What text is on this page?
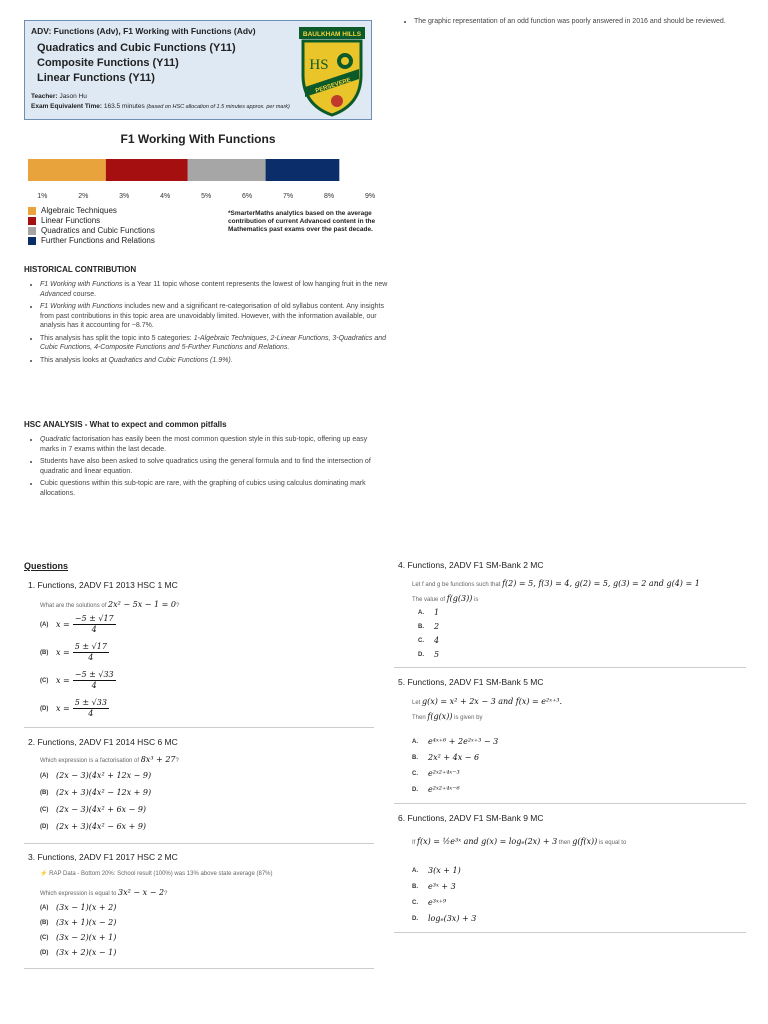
ADV: Functions (Adv), F1 Working with Functions (Adv)
Quadratics and Cubic Functions (Y11)
Composite Functions (Y11)
Linear Functions (Y11)
Teacher: Jason Hu
Exam Equivalent Time: 163.5 minutes (based on HSC allocation of 1.5 minutes approx. per mark)
BAULKHAM HILLS
HS
PERSEVERE
• The graphic representation of an odd function was poorly answered in 2016 and should be reviewed.
F1 Working With Functions
1%	2%	3%	4%	5%	6%	7%	8%	9%
Algebraic Techniques
Linear Functions
Quadratics and Cubic Functions
Further Functions and Relations
*SmarterMaths analytics based on the average contribution of current Advanced content in the Mathematics past exams over the past decade.
HISTORICAL CONTRIBUTION
• F1 Working with Functions is a Year 11 topic whose content represents the lowest of low hanging fruit in the new Advanced course.
• F1 Working with Functions includes new and a significant re-categorisation of old syllabus content. Any insights from past contributions in this topic area are unavoidably limited. However, with the information available, our analysis has it accounting for ~8.7%.
• This analysis has split the topic into 5 categories: 1-Algebraic Techniques, 2-Linear Functions, 3-Quadratics and Cubic Functions, 4-Composite Functions and 5-Further Functions and Relations.
• This analysis looks at Quadratics and Cubic Functions (1.9%).
HSC ANALYSIS - What to expect and common pitfalls
• Quadratic factorisation has easily been the most common question style in this sub-topic, offering up easy marks in 7 exams within the last decade.
• Students have also been asked to solve quadratics using the general formula and to find the intersection of quadratic and linear equation.
• Cubic questions within this sub-topic are rare, with the graphing of cubics using calculus dominating mark allocations.
Questions
1. Functions, 2ADV F1 2013 HSC 1 MC
What are the solutions of 2x² − 5x − 1 = 0?
(A) $x = \frac{-5 \pm √17}{4}$
(B) $x = \frac{5 \pm √17}{4}$
(C) $x = \frac{-5 \pm √33}{4}$
(D) $x = \frac{5 \pm √33}{4}$
2. Functions, 2ADV F1 2014 HSC 6 MC
Which expression is a factorisation of 8x³ + 27?
(A) (2x − 3)(4x² + 12x − 9)
(B) (2x + 3)(4x² − 12x + 9)
(C) (2x − 3)(4x² + 6x − 9)
(D) (2x + 3)(4x² − 6x + 9)
3. Functions, 2ADV F1 2017 HSC 2 MC
⚡ RAP Data - Bottom 20%: School result (100%) was 13% above state average (87%)
Which expression is equal to 3x² − x − 2?
(A) (3x − 1)(x + 2)
(B) (3x + 1)(x − 2)
(C) (3x − 2)(x + 1)
(D) (3x + 2)(x − 1)
4. Functions, 2ADV F1 SM-Bank 2 MC
Let f and g be functions such that f(2) = 5, f(3) = 4, g(2) = 5, g(3) = 2 and g(4) = 1
The value of f(g(3)) is
A.	1
B.	2
C.	4
D.	5
5. Functions, 2ADV F1 SM-Bank 5 MC
Let g(x) = x² + 2x − 3 and f(x) = e²ˣ⁺³.
Then f(g(x)) is given by
A.	e⁴ˣ⁺⁶ + 2e²ˣ⁺³ − 3
B.	2x² + 4x − 6
C.	e²ˣ²⁺⁴ˣ⁻³
D.	e²ˣ²⁺⁴ˣ⁻⁶
6. Functions, 2ADV F1 SM-Bank 9 MC
If f(x) = ½e³ˣ and g(x) = logₑ(2x) + 3 then g(f(x)) is equal to
A.	3(x + 1)
B.	e³ˣ + 3
C.	e³ˣ⁺⁹
D.	logₑ(3x) + 3
